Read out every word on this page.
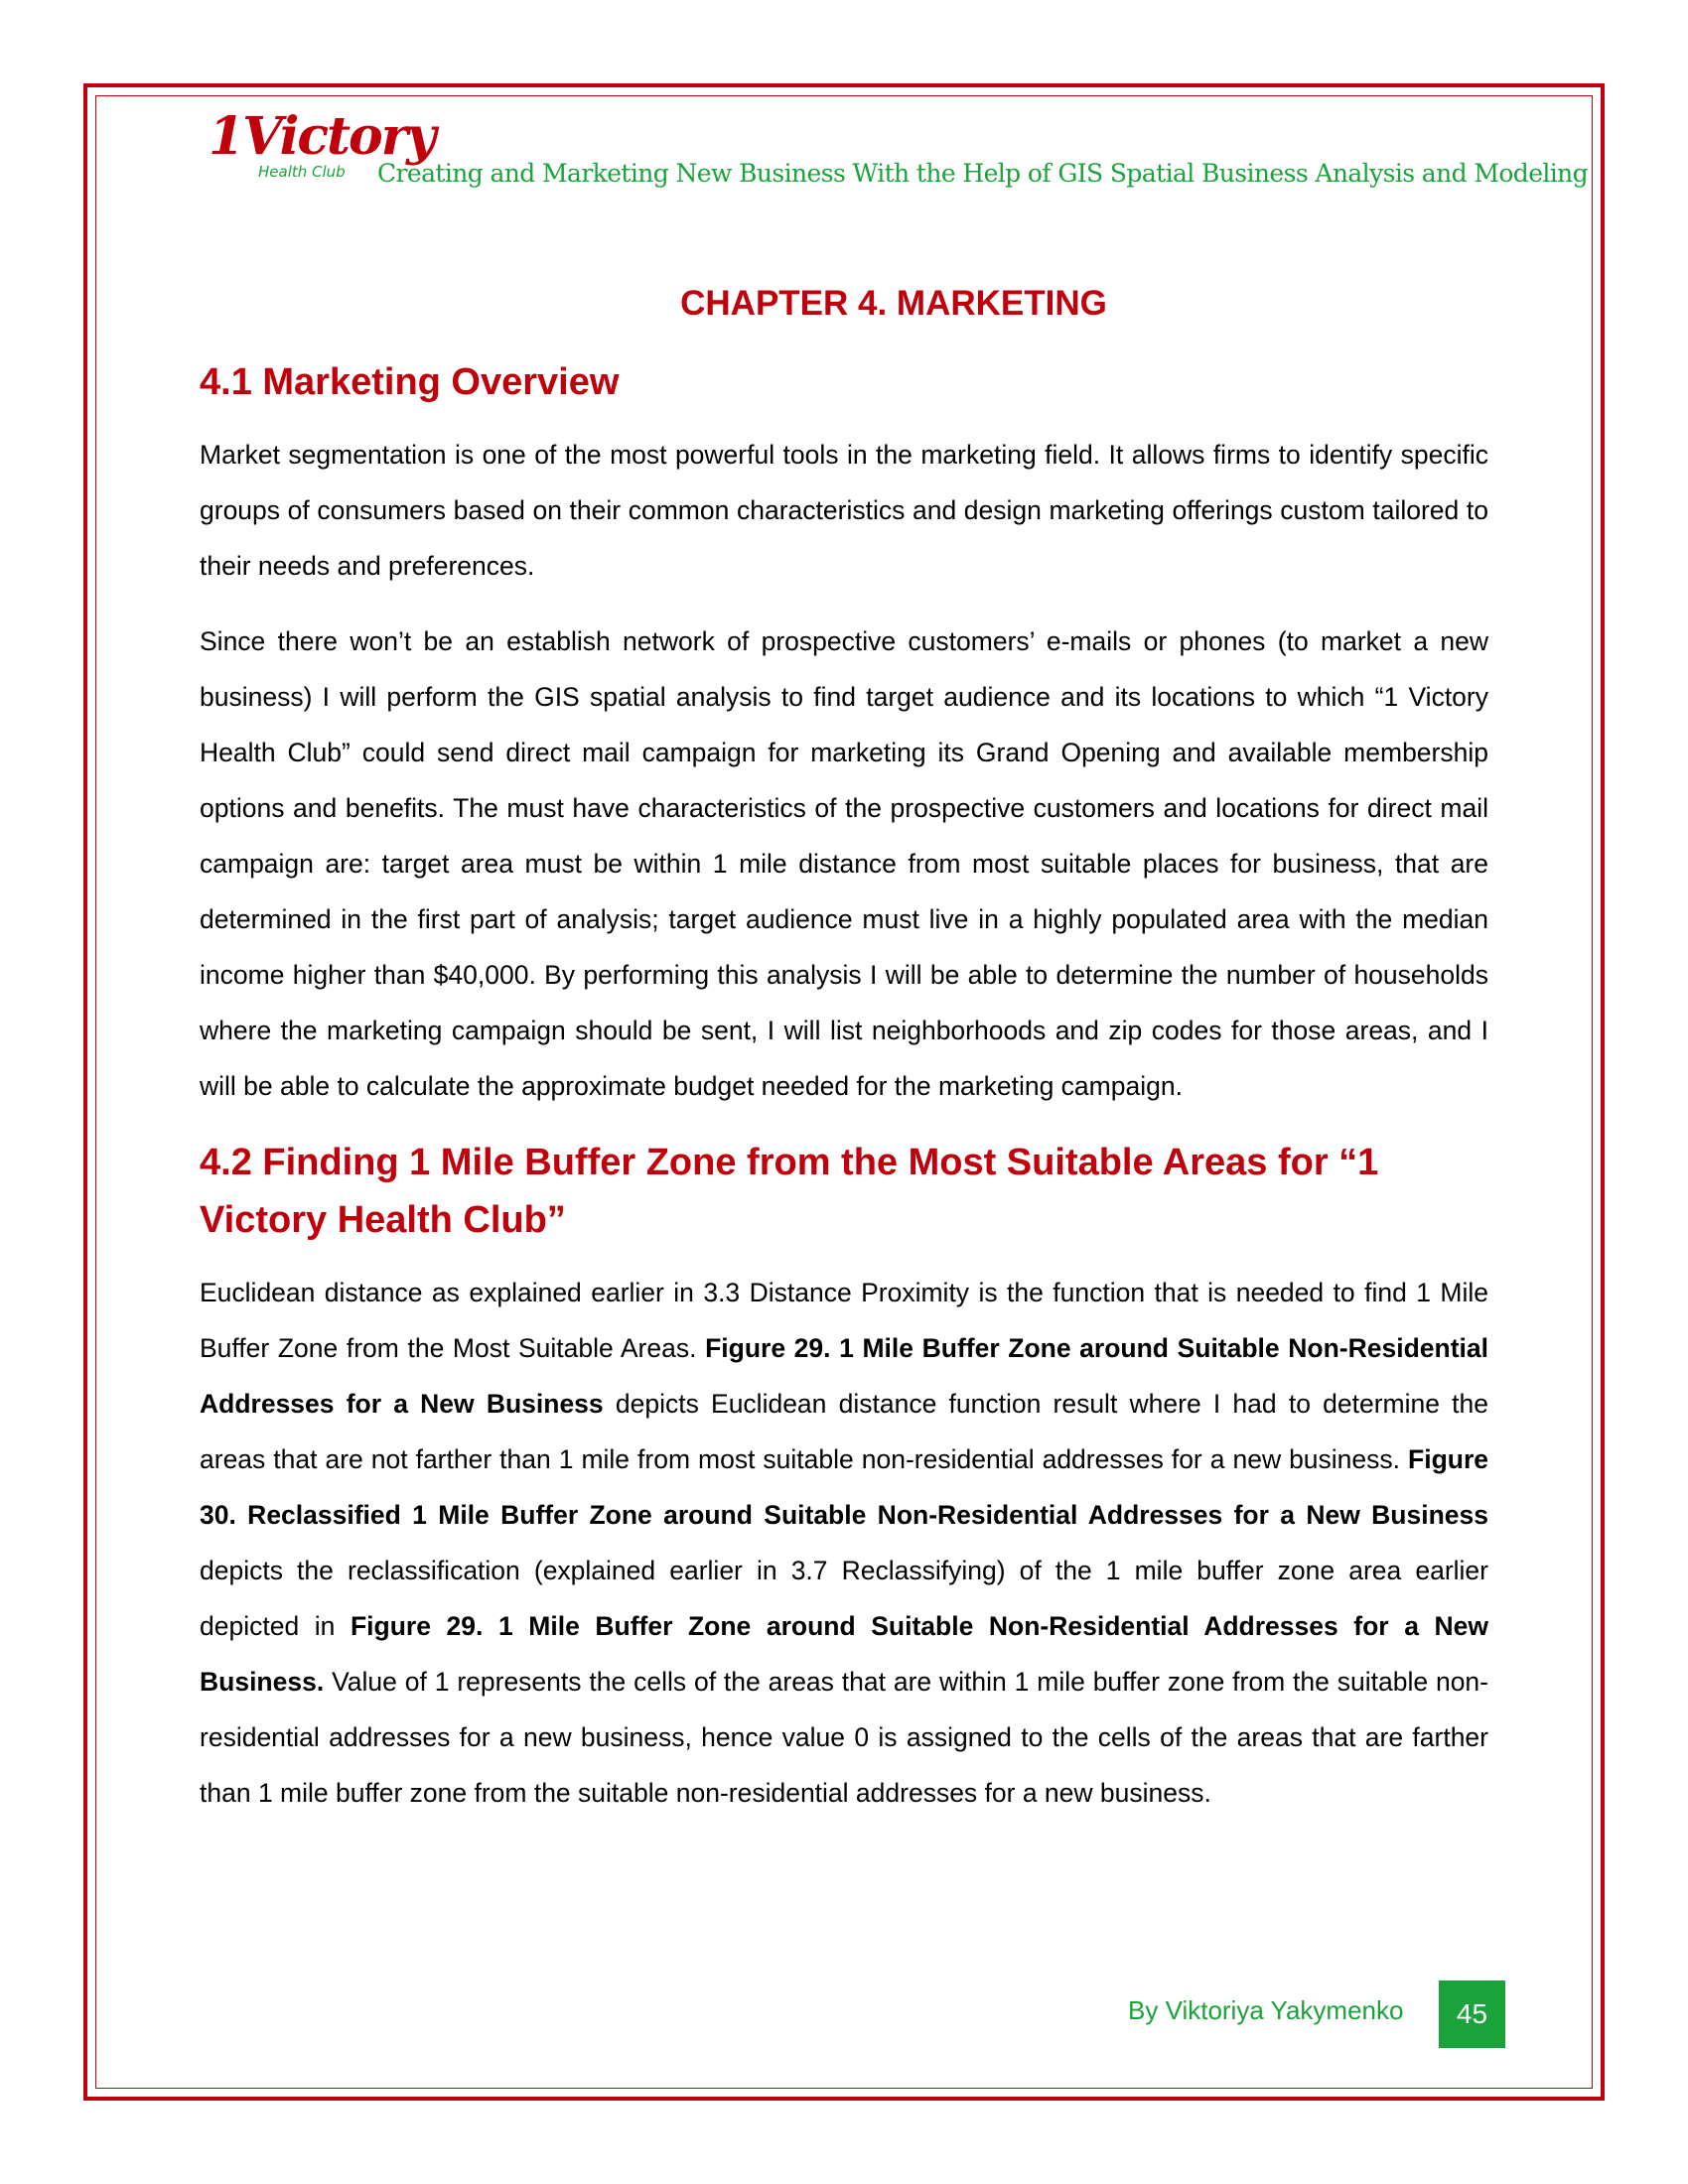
1Victory
Health Club Creating and Marketing New Business With the Help of GIS Spatial Business Analysis and Modeling
CHAPTER 4. MARKETING
4.1 Marketing Overview

Market segmentation is one of the most powerful tools in the marketing field. It allows firms to identify specific groups of consumers based on their common characteristics and design marketing offerings custom tailored to their needs and preferences.

Since there won’t be an establish network of prospective customers’ e-mails or phones (to market a new business) I will perform the GIS spatial analysis to find target audience and its locations to which “1 Victory Health Club” could send direct mail campaign for marketing its Grand Opening and available membership options and benefits. The must have characteristics of the prospective customers and locations for direct mail campaign are: target area must be within 1 mile distance from most suitable places for business, that are determined in the first part of analysis; target audience must live in a highly populated area with the median income higher than $40,000. By performing this analysis I will be able to determine the number of households where the marketing campaign should be sent, I will list neighborhoods and zip codes for those areas, and I will be able to calculate the approximate budget needed for the marketing campaign.

4.2 Finding 1 Mile Buffer Zone from the Most Suitable Areas for “1 Victory Health Club”

Euclidean distance as explained earlier in 3.3 Distance Proximity is the function that is needed to find 1 Mile Buffer Zone from the Most Suitable Areas. Figure 29. 1 Mile Buffer Zone around Suitable Non-Residential Addresses for a New Business depicts Euclidean distance function result where I had to determine the areas that are not farther than 1 mile from most suitable non-residential addresses for a new business. Figure 30. Reclassified 1 Mile Buffer Zone around Suitable Non-Residential Addresses for a New Business depicts the reclassification (explained earlier in 3.7 Reclassifying) of the 1 mile buffer zone area earlier depicted in Figure 29. 1 Mile Buffer Zone around Suitable Non-Residential Addresses for a New Business. Value of 1 represents the cells of the areas that are within 1 mile buffer zone from the suitable non-residential addresses for a new business, hence value 0 is assigned to the cells of the areas that are farther than 1 mile buffer zone from the suitable non-residential addresses for a new business.

By Viktoriya Yakymenko 45
